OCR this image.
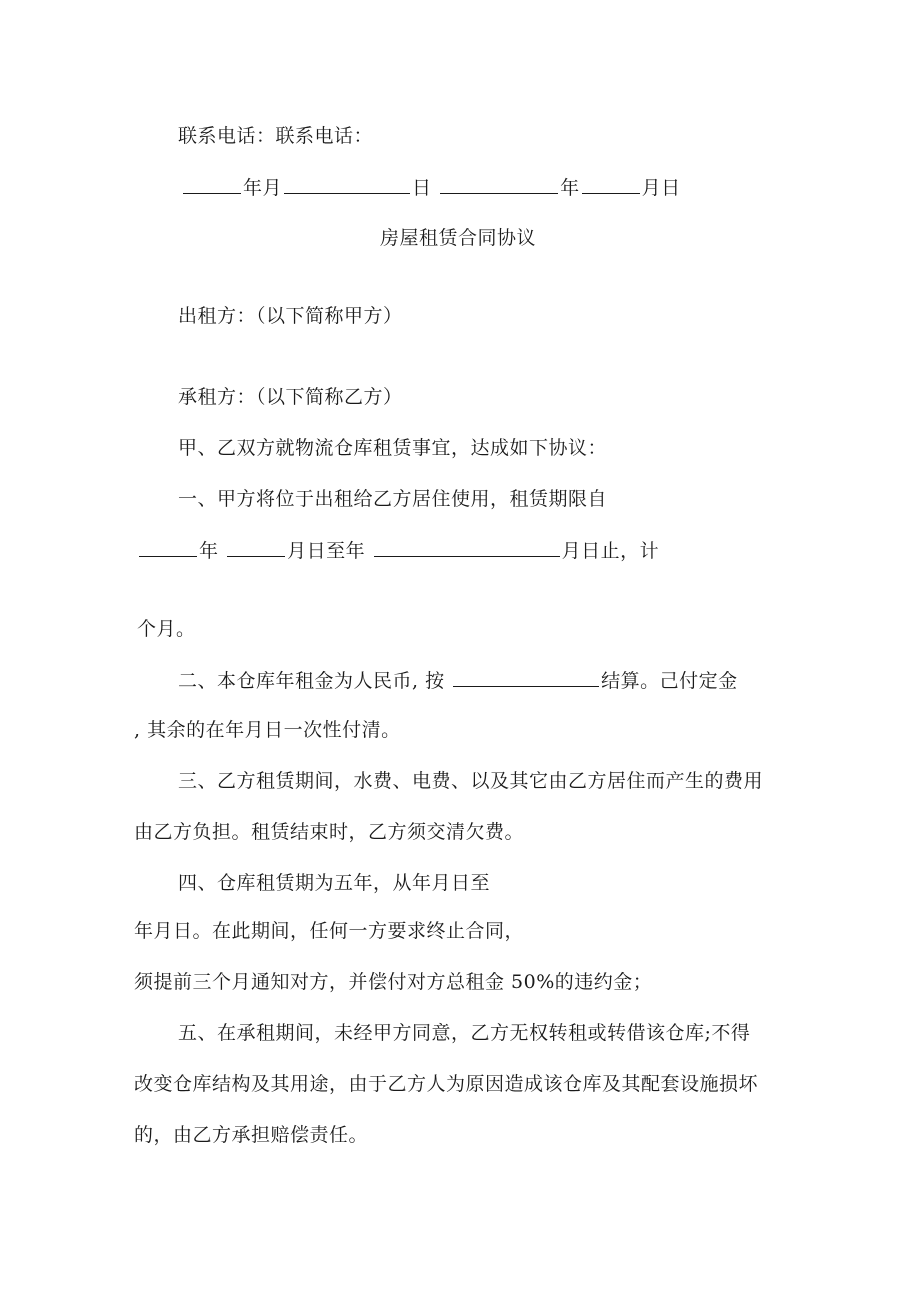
联系电话：联系电话：
年月	日	年	月日
房屋租赁合同协议
出租方：（以下简称甲方）
承租方：（以下简称乙方）
甲、乙双方就物流仓库租赁事宜，达成如下协议：
一、甲方将位于出租给乙方居住使用，租赁期限自
年	月日至年	月日止，计
个月。
二、本仓库年租金为人民币, 按	结算。己付定金
, 其余的在年月日一次性付清。
三、乙方租赁期间，水费、电费、以及其它由乙方居住而产生的费用
由乙方负担。租赁结束时，乙方须交清欠费。
四、仓库租赁期为五年，从年月日至
年月日。在此期间，任何一方要求终止合同，
须提前三个月通知对方，并偿付对方总租金 50%的违约金；
五、在承租期间，未经甲方同意，乙方无权转租或转借该仓库;不得
改变仓库结构及其用途，由于乙方人为原因造成该仓库及其配套设施损坏
的，由乙方承担赔偿责任。
